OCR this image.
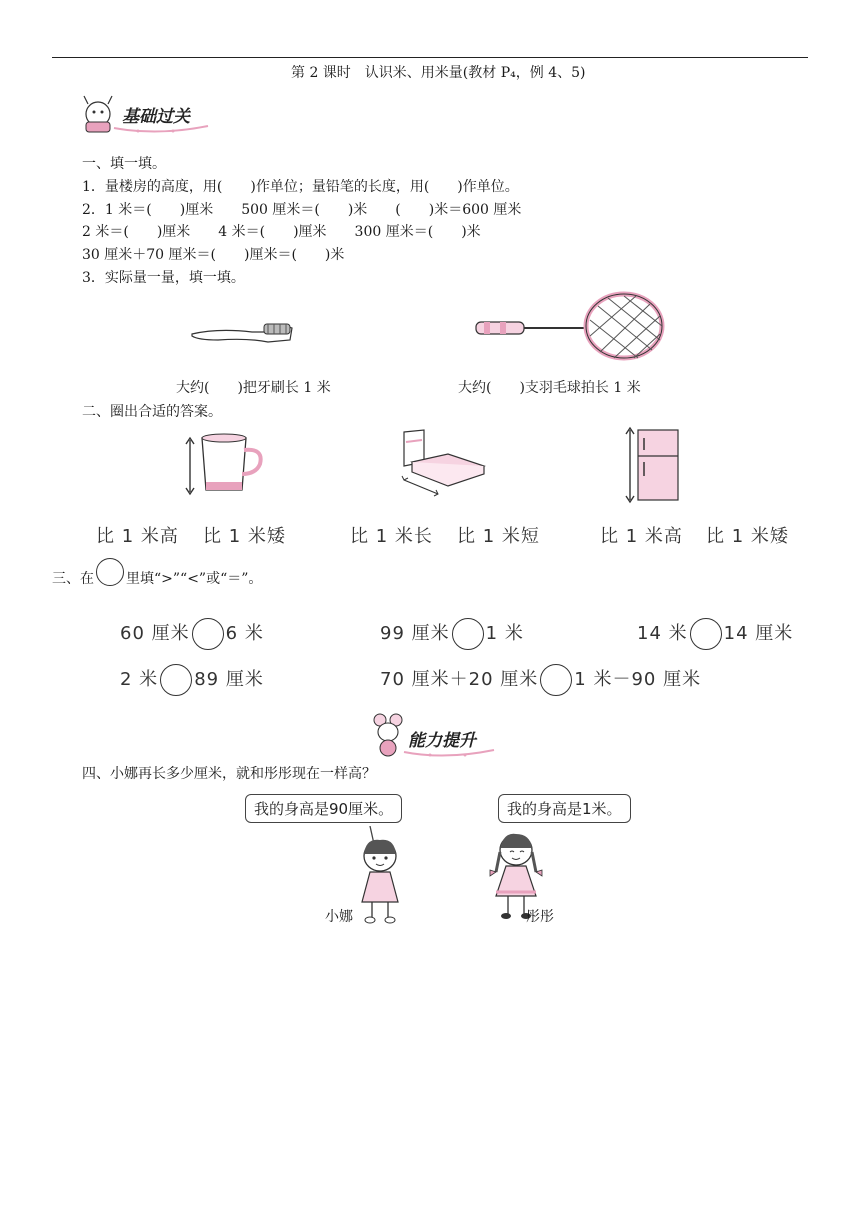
第 2 课时　认识米、用米量(教材 P₄，例 4、5)
基础过关
一、填一填。
1．量楼房的高度，用(　　)作单位；量铅笔的长度，用(　　)作单位。
2．1 米＝(　　)厘米　　500 厘米＝(　　)米　　(　　)米＝600 厘米
2 米＝(　　)厘米　　4 米＝(　　)厘米　　300 厘米＝(　　)米
30 厘米＋70 厘米＝(　　)厘米＝(　　)米
3．实际量一量，填一填。
大约(　　)把牙刷长 1 米	大约(　　)支羽毛球拍长 1 米
二、圈出合适的答案。
比 1 米高 比 1 米矮	比 1 米长 比 1 米短	比 1 米高 比 1 米矮
三、在 里填“>”“<”或“＝”。
60 厘米 6 米	99 厘米 1 米	14 米 14 厘米
2 米 89 厘米	70 厘米＋20 厘米 1 米－90 厘米
能力提升
四、小娜再长多少厘米，就和彤彤现在一样高？
我的身高是90厘米。	我的身高是1米。
小娜	彤彤
